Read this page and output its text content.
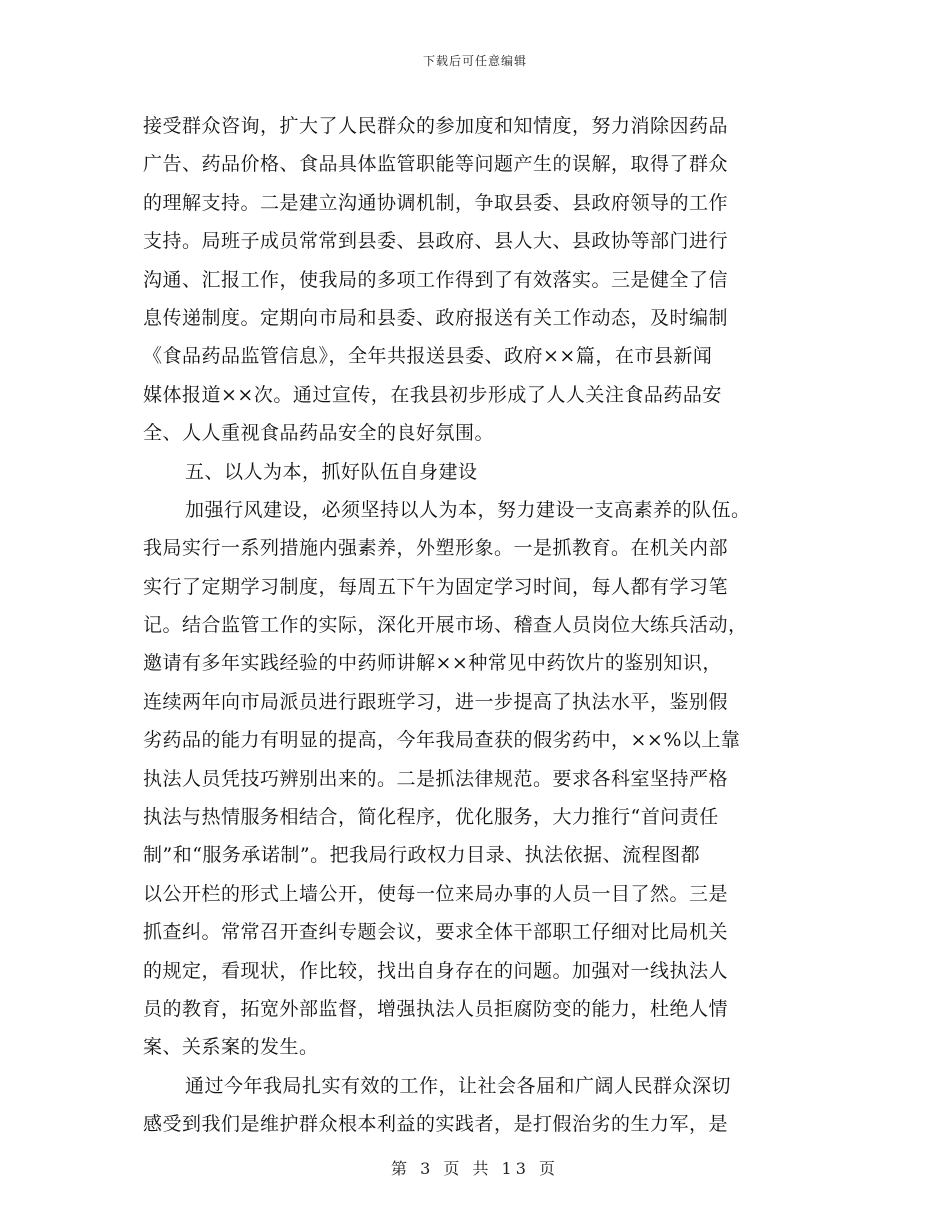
下载后可任意编辑
接受群众咨询，扩大了人民群众的参加度和知情度，努力消除因药品
广告、药品价格、食品具体监管职能等问题产生的误解，取得了群众
的理解支持。二是建立沟通协调机制，争取县委、县政府领导的工作
支持。局班子成员常常到县委、县政府、县人大、县政协等部门进行
沟通、汇报工作，使我局的多项工作得到了有效落实。三是健全了信
息传递制度。定期向市局和县委、政府报送有关工作动态，及时编制
《食品药品监管信息》，全年共报送县委、政府××篇，在市县新闻
媒体报道××次。通过宣传，在我县初步形成了人人关注食品药品安
全、人人重视食品药品安全的良好氛围。
五、以人为本，抓好队伍自身建设
加强行风建设，必须坚持以人为本，努力建设一支高素养的队伍。
我局实行一系列措施内强素养，外塑形象。一是抓教育。在机关内部
实行了定期学习制度，每周五下午为固定学习时间，每人都有学习笔
记。结合监管工作的实际，深化开展市场、稽查人员岗位大练兵活动，
邀请有多年实践经验的中药师讲解××种常见中药饮片的鉴别知识，
连续两年向市局派员进行跟班学习，进一步提高了执法水平，鉴别假
劣药品的能力有明显的提高，今年我局查获的假劣药中，××%以上靠
执法人员凭技巧辨别出来的。二是抓法律规范。要求各科室坚持严格
执法与热情服务相结合，简化程序，优化服务，大力推行“首问责任
制”和“服务承诺制”。把我局行政权力目录、执法依据、流程图都
以公开栏的形式上墙公开，使每一位来局办事的人员一目了然。三是
抓查纠。常常召开查纠专题会议，要求全体干部职工仔细对比局机关
的规定，看现状，作比较，找出自身存在的问题。加强对一线执法人
员的教育，拓宽外部监督，增强执法人员拒腐防变的能力，杜绝人情
案、关系案的发生。
通过今年我局扎实有效的工作，让社会各届和广阔人民群众深切
感受到我们是维护群众根本利益的实践者，是打假治劣的生力军，是
第 3 页 共 13 页
